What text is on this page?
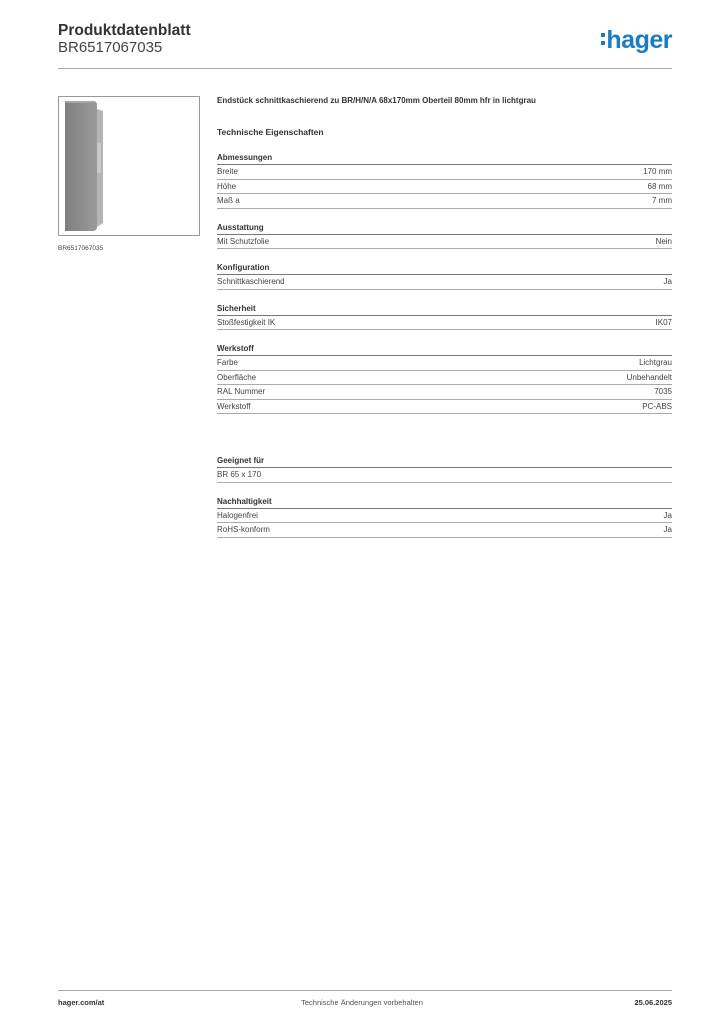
Produktdatenblatt
BR6517067035	hager
BR6517067035
Endstück schnittkaschierend zu BR/H/N/A 68x170mm Oberteil 80mm hfr in lichtgrau
Technische Eigenschaften
Abmessungen
Breite	170 mm
Höhe	68 mm
Maß a	7 mm
Ausstattung
Mit Schutzfolie	Nein
Konfiguration
Schnittkaschierend	Ja
Sicherheit
Stoßfestigkeit IK	IK07
Werkstoff
Farbe	Lichtgrau
Oberfläche	Unbehandelt
RAL Nummer	7035
Werkstoff	PC-ABS
Geeignet für
BR 65 x 170
Nachhaltigkeit
Halogenfrei	Ja
RoHS-konform	Ja
Technische Änderungen vorbehalten
hager.com/at	25.06.2025
